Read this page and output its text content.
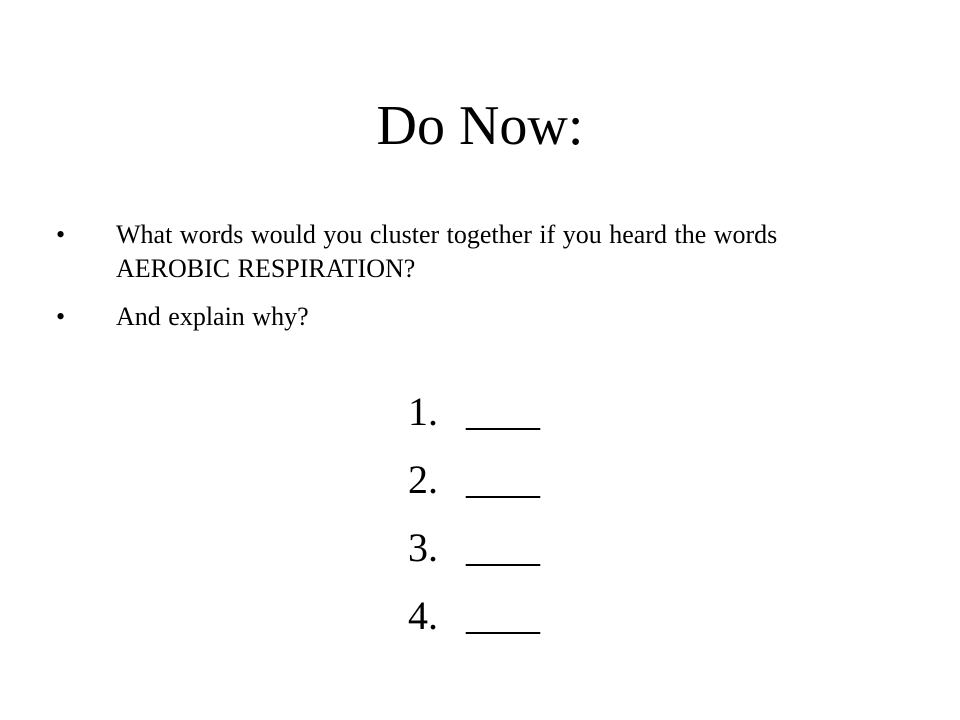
Do Now:
• What words would you cluster together if you heard the words AEROBIC RESPIRATION?
• And explain why?
1. ____
2. ____
3. ____
4. ____
